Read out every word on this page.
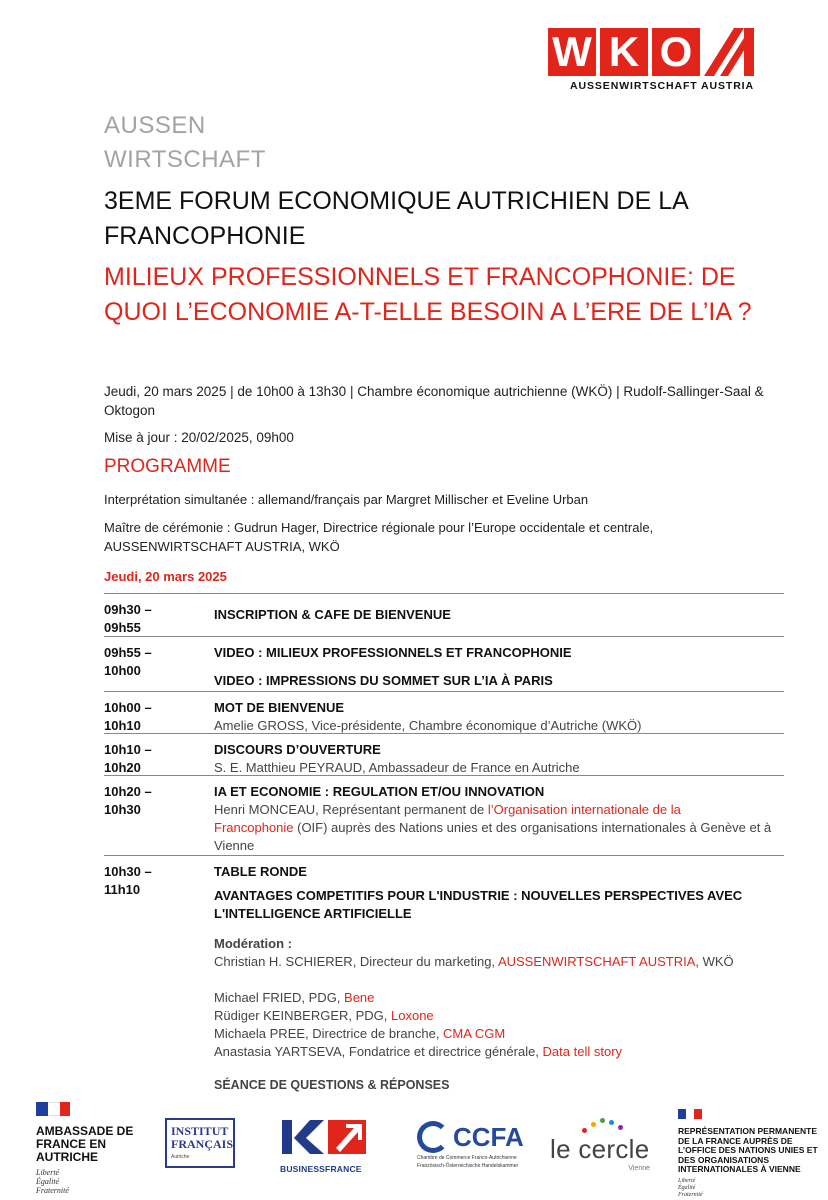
W K O
AUSSENWIRTSCHAFT AUSTRIA
AUSSEN
WIRTSCHAFT
3EME FORUM ECONOMIQUE AUTRICHIEN DE LA FRANCOPHONIE
MILIEUX PROFESSIONNELS ET FRANCOPHONIE: DE QUOI L’ECONOMIE A-T-ELLE BESOIN A L’ERE DE L’IA ?
Jeudi, 20 mars 2025 | de 10h00 à 13h30 | Chambre économique autrichienne (WKÖ) | Rudolf-Sallinger-Saal & Oktogon
Mise à jour : 20/02/2025, 09h00
PROGRAMME
Interprétation simultanée : allemand/français par Margret Millischer et Eveline Urban
Maître de cérémonie : Gudrun Hager, Directrice régionale pour l’Europe occidentale et centrale, AUSSENWIRTSCHAFT AUSTRIA, WKÖ
Jeudi, 20 mars 2025
09h30 –
09h55
INSCRIPTION & CAFE DE BIENVENUE
09h55 –
10h00
VIDEO : MILIEUX PROFESSIONNELS ET FRANCOPHONIE
VIDEO : IMPRESSIONS DU SOMMET SUR L’IA À PARIS
10h00 –
10h10
MOT DE BIENVENUE
Amelie GROSS, Vice-présidente, Chambre économique d’Autriche (WKÖ)
10h10 –
10h20
DISCOURS D’OUVERTURE
S. E. Matthieu PEYRAUD, Ambassadeur de France en Autriche
10h20 –
10h30
IA ET ECONOMIE : REGULATION ET/OU INNOVATION
Henri MONCEAU, Représentant permanent de l’Organisation internationale de la
Francophonie (OIF) auprès des Nations unies et des organisations internationales à Genève et à Vienne
10h30 –
11h10
TABLE RONDE
AVANTAGES COMPETITIFS POUR L'INDUSTRIE : NOUVELLES PERSPECTIVES AVEC L'INTELLIGENCE ARTIFICIELLE
Modération :
Christian H. SCHIERER, Directeur du marketing, AUSSENWIRTSCHAFT AUSTRIA, WKÖ
Michael FRIED, PDG, Bene
Rüdiger KEINBERGER, PDG, Loxone
Michaela PREE, Directrice de branche, CMA CGM
Anastasia YARTSEVA, Fondatrice et directrice générale, Data tell story
SÉANCE DE QUESTIONS & RÉPONSES
AMBASSADE DE FRANCE EN AUTRICHE
Liberté
Égalité
Fraternité
INSTITUT FRANÇAIS
Autriche
BUSINESSFRANCE
CCFA
Chambre de Commerce Franco-Autrichienne
Französisch-Österreichische Handelskammer
le cercle
Vienne
REPRÉSENTATION PERMANENTE DE LA FRANCE AUPRÈS DE L’OFFICE DES NATIONS UNIES ET DES ORGANISATIONS INTERNATIONALES À VIENNE
Liberté
Égalité
Fraternité
